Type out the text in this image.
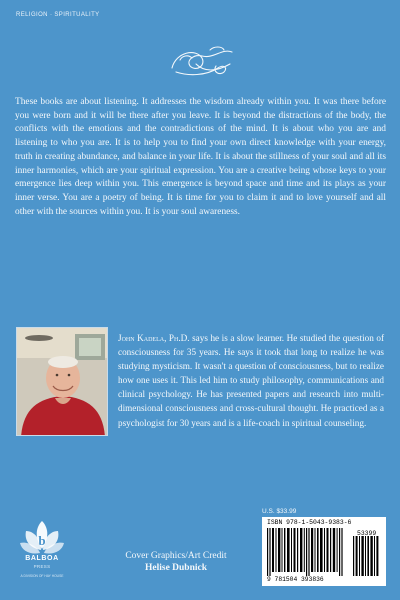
RELIGION · SPIRITUALITY

These books are about listening. It addresses the wisdom already within you. It was there before you were born and it will be there after you leave. It is beyond the distractions of the body, the conflicts with the emotions and the contradictions of the mind. It is about who you are and listening to who you are. It is to help you to find your own direct knowledge with your energy, truth in creating abundance, and balance in your life. It is about the stillness of your soul and all its inner harmonies, which are your spiritual expression. You are a creative being whose keys to your emergence lies deep within you. This emergence is beyond space and time and its plays as your inner verse. You are a poetry of being. It is time for you to claim it and to love yourself and all other with the sources within you. It is your soul awareness.

John Kadela, Ph.D. says he is a slow learner. He studied the question of consciousness for 35 years. He says it took that long to realize he was studying mysticism. It wasn't a question of consciousness, but to realize how one uses it. This led him to study philosophy, communications and clinical psychology. He has presented papers and research into multi-dimensional consciousness and cross-cultural thought. He practiced as a psychologist for 30 years and is a life-coach in spiritual counseling.

b
BALBOA
PRESS
A DIVISION OF HAY HOUSE
Cover Graphics/Art Credit
Helise Dubnick
U.S. $33.99
ISBN 978-1-5043-9383-6
53399
9 781504 393836
